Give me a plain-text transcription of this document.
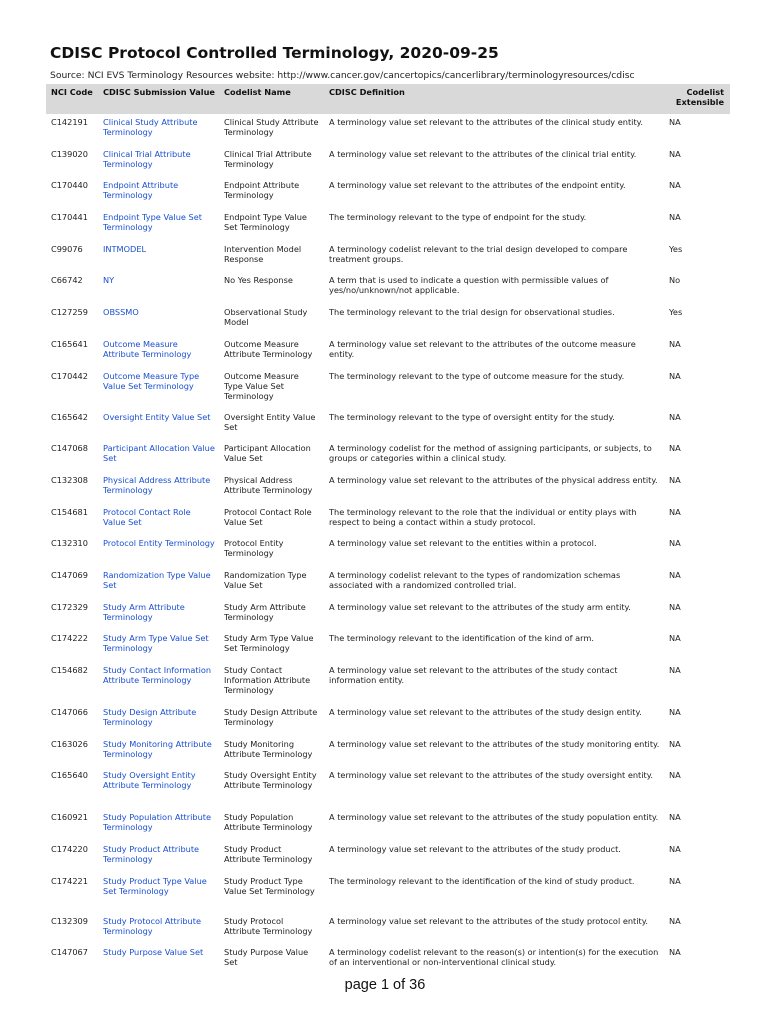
CDISC Protocol Controlled Terminology, 2020-09-25
Source: NCI EVS Terminology Resources website: http://www.cancer.gov/cancertopics/cancerlibrary/terminologyresources/cdisc
NCI Code	CDISC Submission Value	Codelist Name	CDISC Definition	Codelist Extensible
C142191	Clinical Study Attribute Terminology	Clinical Study Attribute Terminology	A terminology value set relevant to the attributes of the clinical study entity.	NA
C139020	Clinical Trial Attribute Terminology	Clinical Trial Attribute Terminology	A terminology value set relevant to the attributes of the clinical trial entity.	NA
C170440	Endpoint Attribute Terminology	Endpoint Attribute Terminology	A terminology value set relevant to the attributes of the endpoint entity.	NA
C170441	Endpoint Type Value Set Terminology	Endpoint Type Value Set Terminology	The terminology relevant to the type of endpoint for the study.	NA
C99076	INTMODEL	Intervention Model Response	A terminology codelist relevant to the trial design developed to compare treatment groups.	Yes
C66742	NY	No Yes Response	A term that is used to indicate a question with permissible values of yes/no/unknown/not applicable.	No
C127259	OBSSMO	Observational Study Model	The terminology relevant to the trial design for observational studies.	Yes
C165641	Outcome Measure Attribute Terminology	Outcome Measure Attribute Terminology	A terminology value set relevant to the attributes of the outcome measure entity.	NA
C170442	Outcome Measure Type Value Set Terminology	Outcome Measure Type Value Set Terminology	The terminology relevant to the type of outcome measure for the study.	NA
C165642	Oversight Entity Value Set	Oversight Entity Value Set	The terminology relevant to the type of oversight entity for the study.	NA
C147068	Participant Allocation Value Set	Participant Allocation Value Set	A terminology codelist for the method of assigning participants, or subjects, to groups or categories within a clinical study.	NA
C132308	Physical Address Attribute Terminology	Physical Address Attribute Terminology	A terminology value set relevant to the attributes of the physical address entity.	NA
C154681	Protocol Contact Role Value Set	Protocol Contact Role Value Set	The terminology relevant to the role that the individual or entity plays with respect to being a contact within a study protocol.	NA
C132310	Protocol Entity Terminology	Protocol Entity Terminology	A terminology value set relevant to the entities within a protocol.	NA
C147069	Randomization Type Value Set	Randomization Type Value Set	A terminology codelist relevant to the types of randomization schemas associated with a randomized controlled trial.	NA
C172329	Study Arm Attribute Terminology	Study Arm Attribute Terminology	A terminology value set relevant to the attributes of the study arm entity.	NA
C174222	Study Arm Type Value Set Terminology	Study Arm Type Value Set Terminology	The terminology relevant to the identification of the kind of arm.	NA
C154682	Study Contact Information Attribute Terminology	Study Contact Information Attribute Terminology	A terminology value set relevant to the attributes of the study contact information entity.	NA
C147066	Study Design Attribute Terminology	Study Design Attribute Terminology	A terminology value set relevant to the attributes of the study design entity.	NA
C163026	Study Monitoring Attribute Terminology	Study Monitoring Attribute Terminology	A terminology value set relevant to the attributes of the study monitoring entity.	NA
C165640	Study Oversight Entity Attribute Terminology	Study Oversight Entity Attribute Terminology	A terminology value set relevant to the attributes of the study oversight entity.	NA
C160921	Study Population Attribute Terminology	Study Population Attribute Terminology	A terminology value set relevant to the attributes of the study population entity.	NA
C174220	Study Product Attribute Terminology	Study Product Attribute Terminology	A terminology value set relevant to the attributes of the study product.	NA
C174221	Study Product Type Value Set Terminology	Study Product Type Value Set Terminology	The terminology relevant to the identification of the kind of study product.	NA
C132309	Study Protocol Attribute Terminology	Study Protocol Attribute Terminology	A terminology value set relevant to the attributes of the study protocol entity.	NA
C147067	Study Purpose Value Set	Study Purpose Value Set	A terminology codelist relevant to the reason(s) or intention(s) for the execution of an interventional or non-interventional clinical study.	NA
page 1 of 36
